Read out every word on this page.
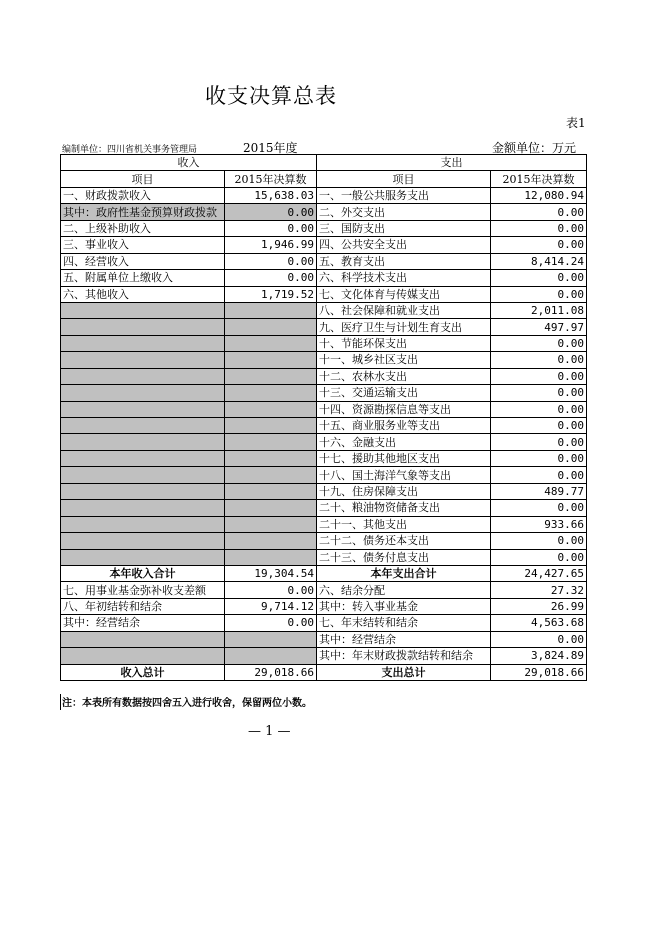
收支决算总表
表1
编制单位：四川省机关事务管理局	2015年度	金额单位：万元
收入		支出	
项目	2015年决算数	项目	2015年决算数
一、财政拨款收入	15,638.03	一、一般公共服务支出	12,080.94
其中：政府性基金预算财政拨款	0.00	二、外交支出	0.00
二、上级补助收入	0.00	三、国防支出	0.00
三、事业收入	1,946.99	四、公共安全支出	0.00
四、经营收入	0.00	五、教育支出	8,414.24
五、附属单位上缴收入	0.00	六、科学技术支出	0.00
六、其他收入	1,719.52	七、文化体育与传媒支出	0.00
		八、社会保障和就业支出	2,011.08
		九、医疗卫生与计划生育支出	497.97
		十、节能环保支出	0.00
		十一、城乡社区支出	0.00
		十二、农林水支出	0.00
		十三、交通运输支出	0.00
		十四、资源勘探信息等支出	0.00
		十五、商业服务业等支出	0.00
		十六、金融支出	0.00
		十七、援助其他地区支出	0.00
		十八、国土海洋气象等支出	0.00
		十九、住房保障支出	489.77
		二十、粮油物资储备支出	0.00
		二十一、其他支出	933.66
		二十二、债务还本支出	0.00
		二十三、债务付息支出	0.00
本年收入合计	19,304.54	本年支出合计	24,427.65
七、用事业基金弥补收支差额	0.00	六、结余分配	27.32
八、年初结转和结余	9,714.12	其中：转入事业基金	26.99
其中：经营结余	0.00	七、年末结转和结余	4,563.68
		其中：经营结余	0.00
		其中：年末财政拨款结转和结余	3,824.89
收入总计	29,018.66	支出总计	29,018.66
注：本表所有数据按四舍五入进行收舍，保留两位小数。
— 1 —
